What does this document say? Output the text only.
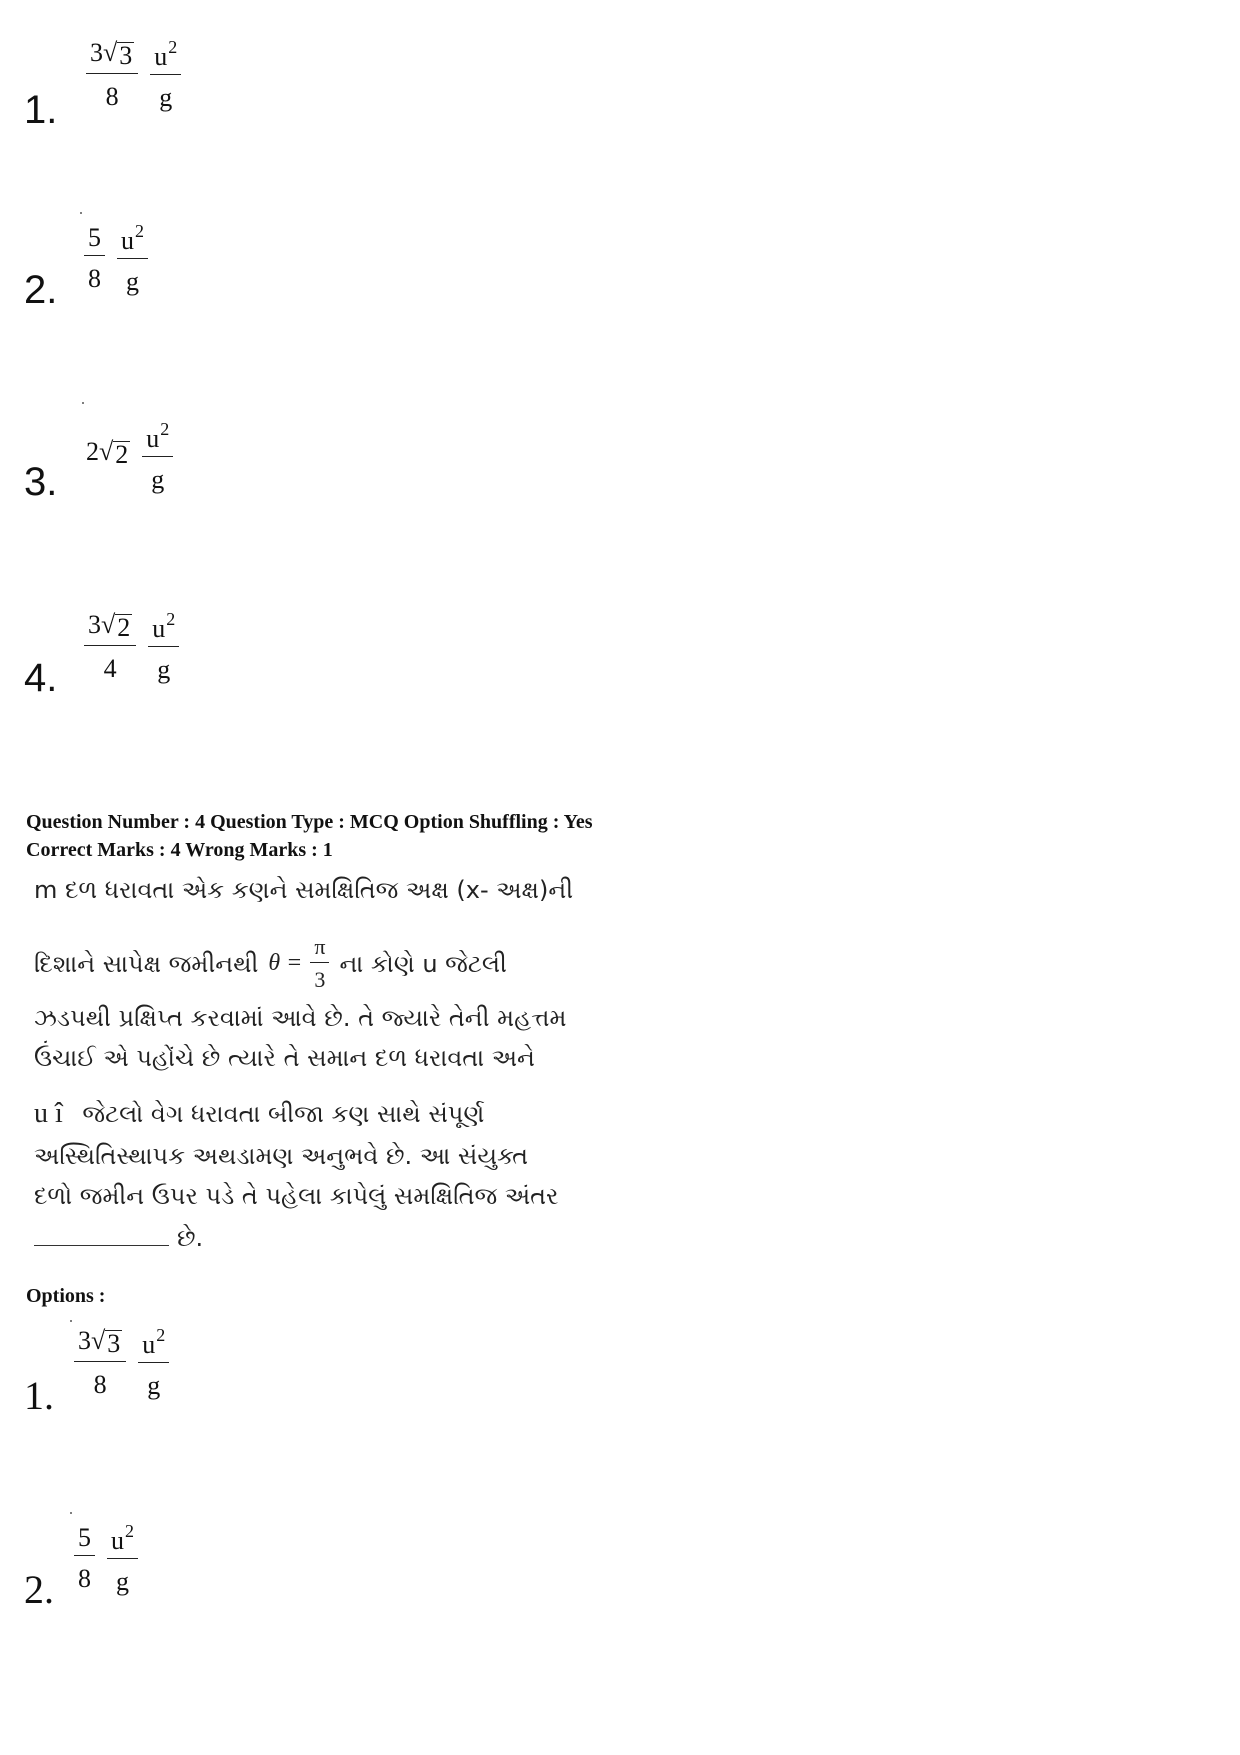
1.
$\frac{3 √ 3}{8} \frac{u^2}{g}$
2. $\frac{5}{8} \frac{u^2}{g}$
3.
2 √ $2 \frac{u^2}{g}$
4. $\frac{3 √ 2}{4} \frac{u^2}{g}$
Question Number : 4 Question Type : MCQ Option Shuffling : Yes
Correct Marks : 4 Wrong Marks : 1
m દળ ધરાવતા એક કણને સમક્ષિતિજ અક્ષ (x- અક્ષ)ની
દિશાને સાપેક્ષ જમીનથી $\theta = \frac{\pi}{3}$ ના કોણે u જેટલી
ઝડપથી પ્રક્ષિપ્ત કરવામાં આવે છે. તે જ્યારે તેની મહત્તમ
ઉંચાઈ એ પહોંચે છે ત્યારે તે સમાન દળ ધરાવતા અને
u î જેટલો વેગ ધરાવતા બીજા કણ સાથે સંપૂર્ણ
અસ્થિતિસ્થાપક અથડામણ અનુભવે છે. આ સંયુક્ત
દળો જમીન ઉપર પડે તે પહેલા કાપેલું સમક્ષિતિજ અંતર
છે.
Options :
1. $\frac{3 √ 3}{8} \frac{u^2}{g}$
2. $\frac{5}{8} \frac{u^2}{g}$
